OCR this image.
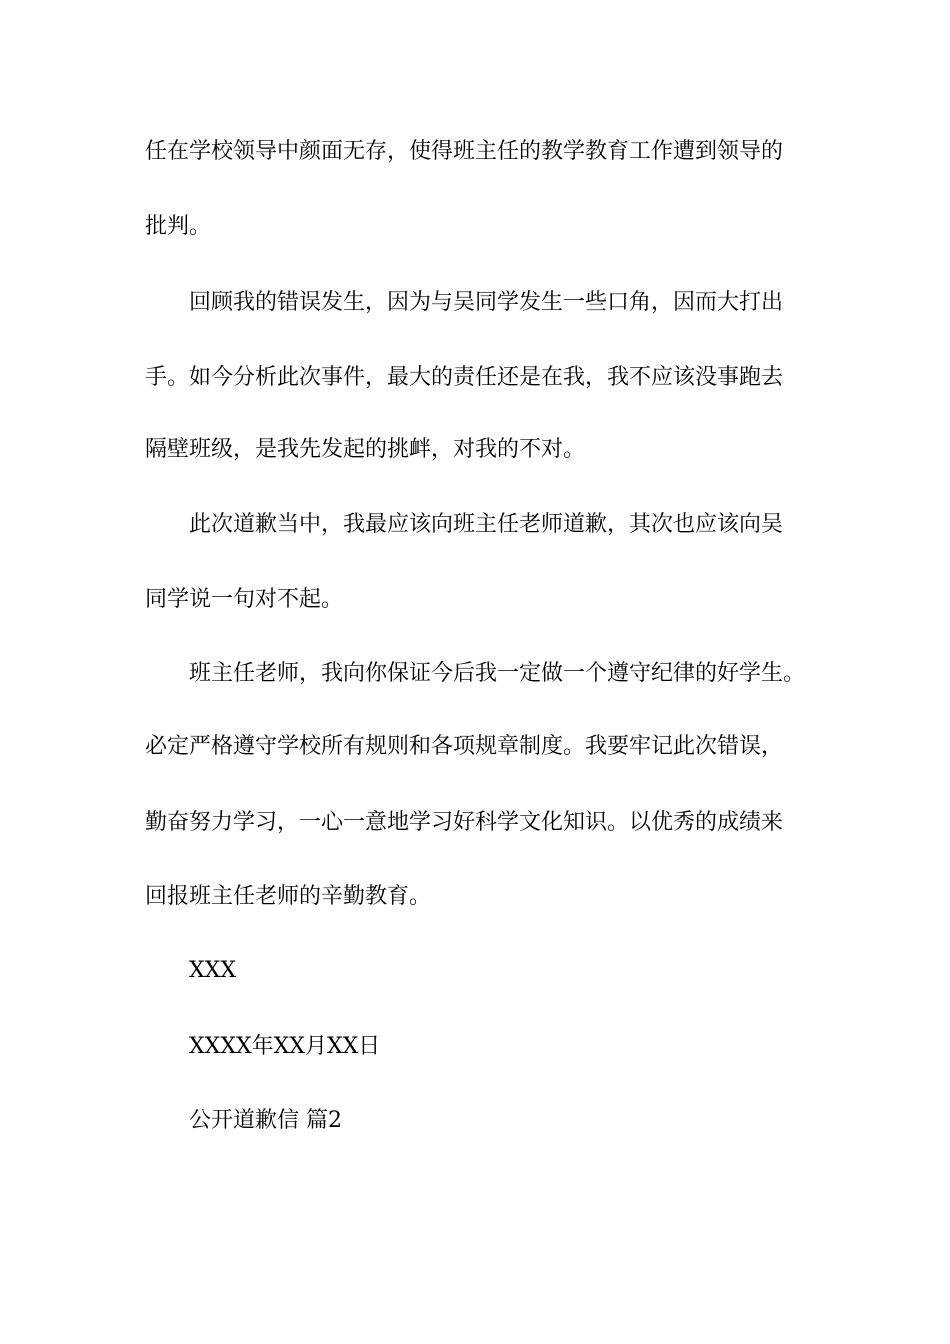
任在学校领导中颜面无存，使得班主任的教学教育工作遭到领导的
批判。
回顾我的错误发生，因为与吴同学发生一些口角，因而大打出
手。如今分析此次事件，最大的责任还是在我，我不应该没事跑去
隔壁班级，是我先发起的挑衅，对我的不对。
此次道歉当中，我最应该向班主任老师道歉，其次也应该向吴
同学说一句对不起。
班主任老师，我向你保证今后我一定做一个遵守纪律的好学生。
必定严格遵守学校所有规则和各项规章制度。我要牢记此次错误，
勤奋努力学习，一心一意地学习好科学文化知识。以优秀的成绩来
回报班主任老师的辛勤教育。
XXX
XXXX年XX月XX日
公开道歉信 篇2
